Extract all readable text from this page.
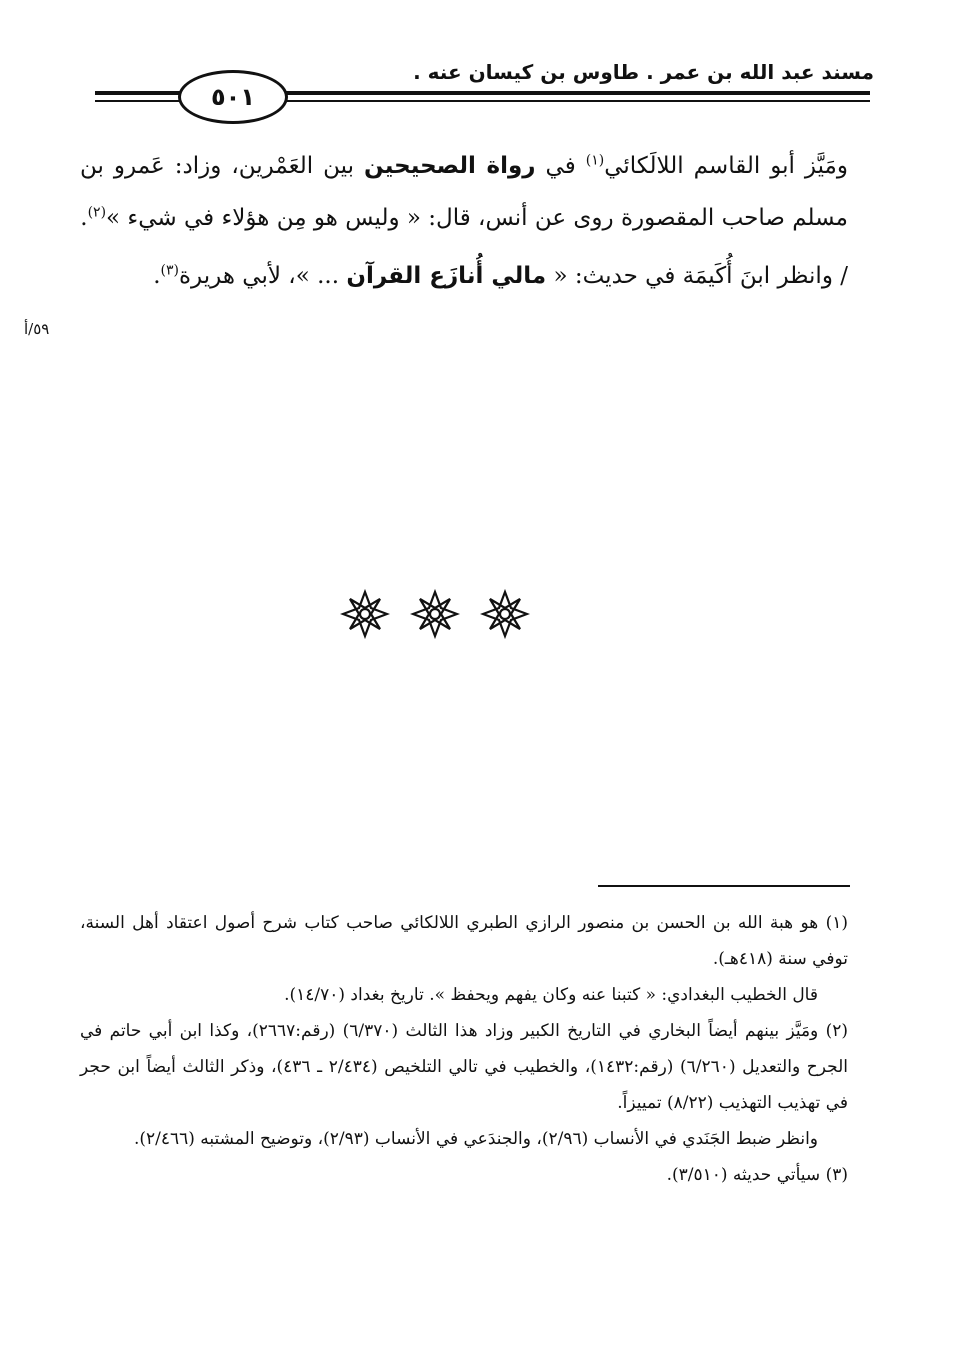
مسند عبد الله بن عمر . طاوس بن كيسان عنه .
٥٠١

ومَيَّز أبو القاسم اللالَكائي$^{(١)}$ في رواة الصحيحين بين العَمْرين، وزاد: عَمرو بن مسلم صاحب المقصورة روى عن أنس، قال: « وليس هو مِن هؤلاء في شيء »$^{(٢)}$.

/ وانظر ابنَ أُكَيمَة في حديث: « مالي أُنازَع القرآن ... »، لأبي هريرة$^{(٣)}$.

٥٩/أ

(١) هو هبة الله بن الحسن بن منصور الرازي الطبري اللالكائي صاحب كتاب شرح أصول اعتقاد أهل السنة، توفي سنة (٤١٨هـ).

قال الخطيب البغدادي: « كتبنا عنه وكان يفهم ويحفظ ». تاريخ بغداد (١٤/٧٠).

(٢) ومَيَّز بينهم أيضاً البخاري في التاريخ الكبير وزاد هذا الثالث (٦/٣٧٠) (رقم:٢٦٦٧)، وكذا ابن أبي حاتم في الجرح والتعديل (٦/٢٦٠) (رقم:١٤٣٢)، والخطيب في تالي التلخيص (٢/٤٣٤ ـ ٤٣٦)، وذكر الثالث أيضاً ابن حجر في تهذيب التهذيب (٨/٢٢) تمييزاً.

وانظر ضبط الجَنَدي في الأنساب (٢/٩٦)، والجندَعي في الأنساب (٢/٩٣)، وتوضيح المشتبه (٢/٤٦٦).

(٣) سيأتي حديثه (٣/٥١٠).
